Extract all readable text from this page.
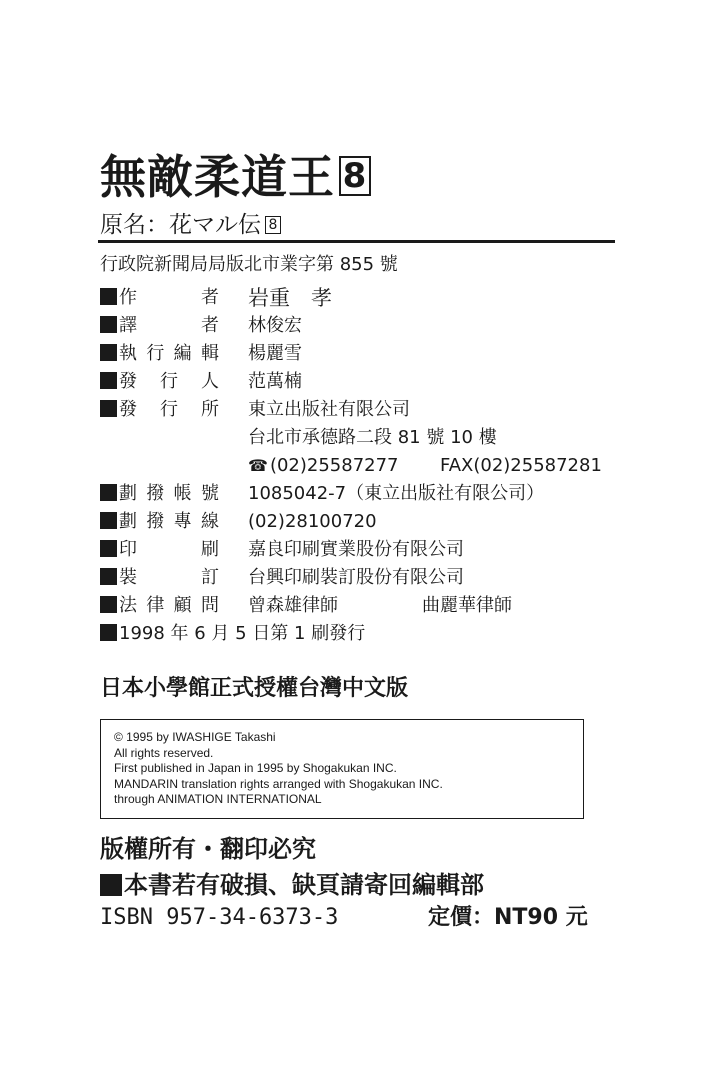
無敵柔道王 8
原名：花マル伝 8
行政院新聞局局版北市業字第 855 號
作　者 岩重　孝
譯　者 林俊宏
執行編輯 楊麗雪
發行人 范萬楠
發行所 東立出版社有限公司
台北市承德路二段 81 號 10 樓
☎ (02)25587277 FAX(02)25587281
劃撥帳號 1085042-7（東立出版社有限公司）
劃撥專線 (02)28100720
印　刷 嘉良印刷實業股份有限公司
裝　訂 台興印刷裝訂股份有限公司
法律顧問 曾森雄律師	曲麗華律師
1998 年 6 月 5 日第 1 刷發行
日本小學館正式授權台灣中文版
© 1995 by IWASHIGE Takashi
All rights reserved.
First published in Japan in 1995 by Shogakukan INC.
MANDARIN translation rights arranged with Shogakukan INC.
through ANIMATION INTERNATIONAL
版權所有・翻印必究
本書若有破損、缺頁請寄回編輯部
ISBN 957-34-6373-3	定價：NT90 元
